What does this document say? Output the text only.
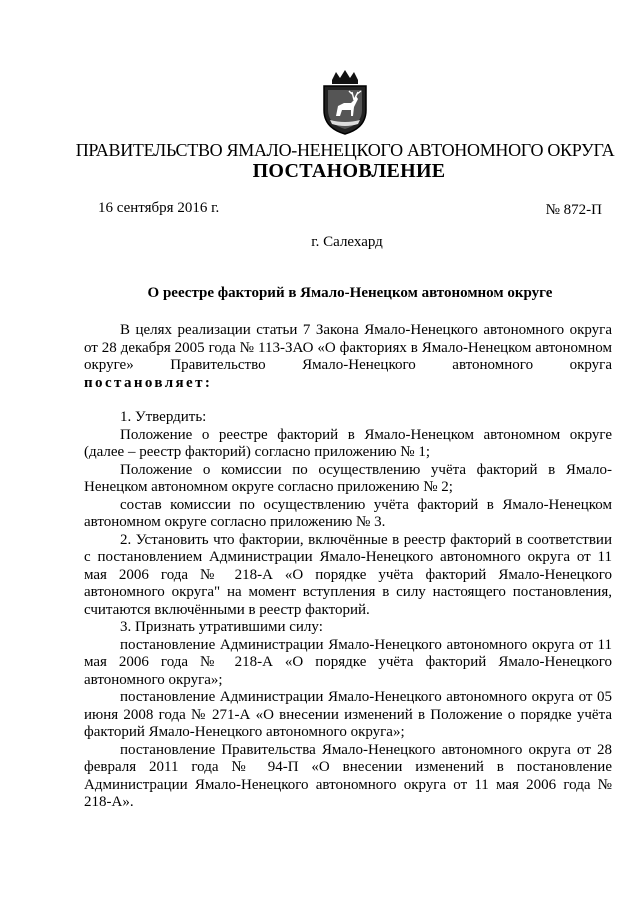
ПРАВИТЕЛЬСТВО ЯМАЛО-НЕНЕЦКОГО АВТОНОМНОГО ОКРУГА
ПОСТАНОВЛЕНИЕ
16 сентября 2016 г.	№ 872-П
г. Салехард
О реестре факторий в Ямало-Ненецком автономном округе

В целях реализации статьи 7 Закона Ямало-Ненецкого автономного округа от 28 декабря 2005 года № 113-ЗАО «О факториях в Ямало-Ненецком автономном округе» Правительство Ямало-Ненецкого автономного округа постановляет:

1. Утвердить:

Положение о реестре факторий в Ямало-Ненецком автономном округе (далее – реестр факторий) согласно приложению № 1;

Положение о комиссии по осуществлению учёта факторий в Ямало-Ненецком автономном округе согласно приложению № 2;

состав комиссии по осуществлению учёта факторий в Ямало-Ненецком автономном округе согласно приложению № 3.

2. Установить что фактории, включённые в реестр факторий в соответствии с постановлением Администрации Ямало-Ненецкого автономного округа от 11 мая 2006 года № 218-А «О порядке учёта факторий Ямало-Ненецкого автономного округа" на момент вступления в силу настоящего постановления, считаются включёнными в реестр факторий.

3. Признать утратившими силу:

постановление Администрации Ямало-Ненецкого автономного округа от 11 мая 2006 года № 218-А «О порядке учёта факторий Ямало-Ненецкого автономного округа»;

постановление Администрации Ямало-Ненецкого автономного округа от 05 июня 2008 года № 271-А «О внесении изменений в Положение о порядке учёта факторий Ямало-Ненецкого автономного округа»;

постановление Правительства Ямало-Ненецкого автономного округа от 28 февраля 2011 года № 94-П «О внесении изменений в постановление Администрации Ямало-Ненецкого автономного округа от 11 мая 2006 года № 218-А».
